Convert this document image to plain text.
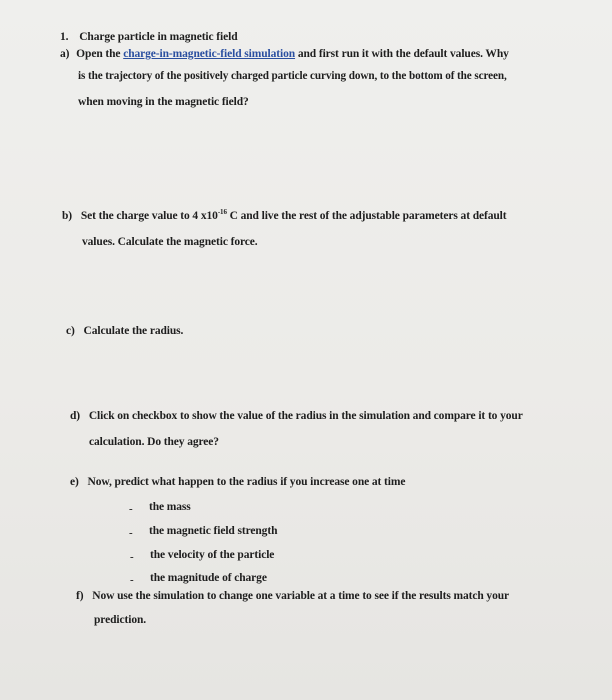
1. Charge particle in magnetic field
a) Open the charge-in-magnetic-field simulation and first run it with the default values. Why
is the trajectory of the positively charged particle curving down, to the bottom of the screen,
when moving in the magnetic field?
b) Set the charge value to 4 $x10^{-16}$ C and live the rest of the adjustable parameters at default
values. Calculate the magnetic force.
c) Calculate the radius.
d) Click on checkbox to show the value of the radius in the simulation and compare it to your
calculation. Do they agree?
e) Now, predict what happen to the radius if you increase one at time
- the mass
- the magnetic field strength
- the velocity of the particle
- the magnitude of charge
f) Now use the simulation to change one variable at a time to see if the results match your
prediction.
